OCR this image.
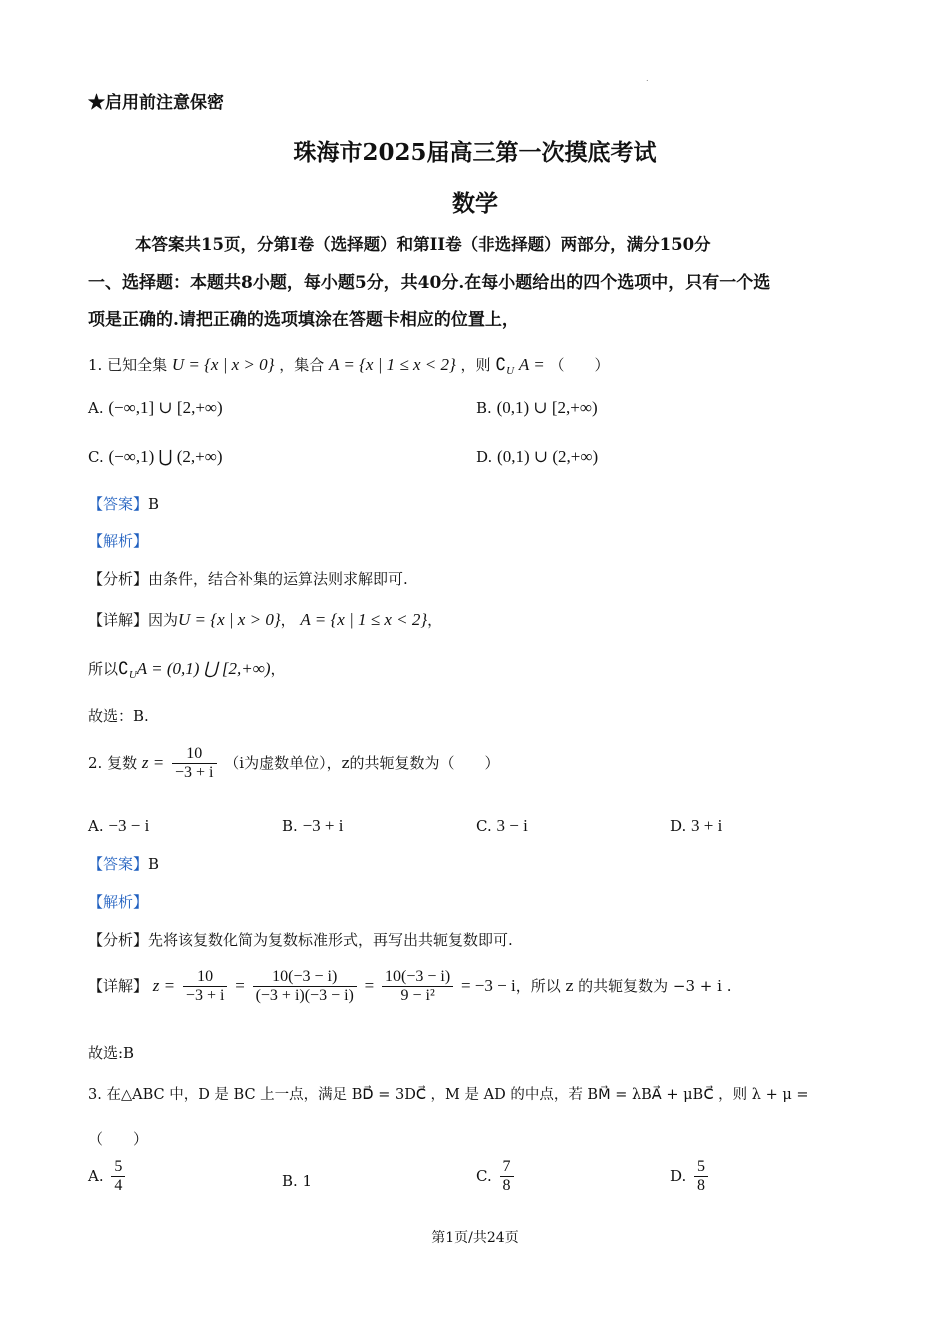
★启用前注意保密
.
珠海市2025届高三第一次摸底考试
数学
本答案共15页，分第I卷（选择题）和第II卷（非选择题）两部分，满分150分
一、选择题：本题共8小题，每小题5分，共40分.在每小题给出的四个选项中，只有一个选
项是正确的.请把正确的选项填涂在答题卡相应的位置上，
1. 已知全集 U = {x | x > 0} ，集合 A = {x | 1 ≤ x < 2} ，则 $∁_U$ A = （　　）
A. (−∞,1] ∪ [2,+∞)	B. (0,1) ∪ [2,+∞)
C. (−∞,1) ⋃ (2,+∞)	D. (0,1) ∪ (2,+∞)
【答案】B
【解析】
【分析】由条件，结合补集的运算法则求解即可.
【详解】因为U = {x | x > 0}， A = {x | 1 ≤ x < 2}，
所以$∁_UA = (0,1)$ ⋃ [2,+∞)，
故选：B.
2. 复数 $z = \frac{10}{-3 + i} (i$为虚数单位），z的共轭复数为（　　）
A. −3 − i	B. −3 + i	C. 3 − i	D. 3 + i
【答案】B
【解析】
【分析】先将该复数化简为复数标准形式，再写出共轭复数即可.
【详解】 $z = \frac{10}{-3 + i} = \frac{10(-3 - i)}{(-3 + i)(-3 - i)} = \frac{10(-3 - i)}{\text{9 − i²}} = -3 - i$，所以 z 的共轭复数为 −3 + i .
故选:B
3. 在△ABC 中，D 是 BC 上一点，满足 BD⃗ = 3DC⃗ ，M 是 AD 的中点，若 BM⃗ = λBA⃗ + μBC⃗ ，则 λ + μ =
（　　）
A. $\frac{5}{4}$	B. 1	C. $\frac{7}{8}$	D. $\frac{5}{8}$
第1页/共24页
